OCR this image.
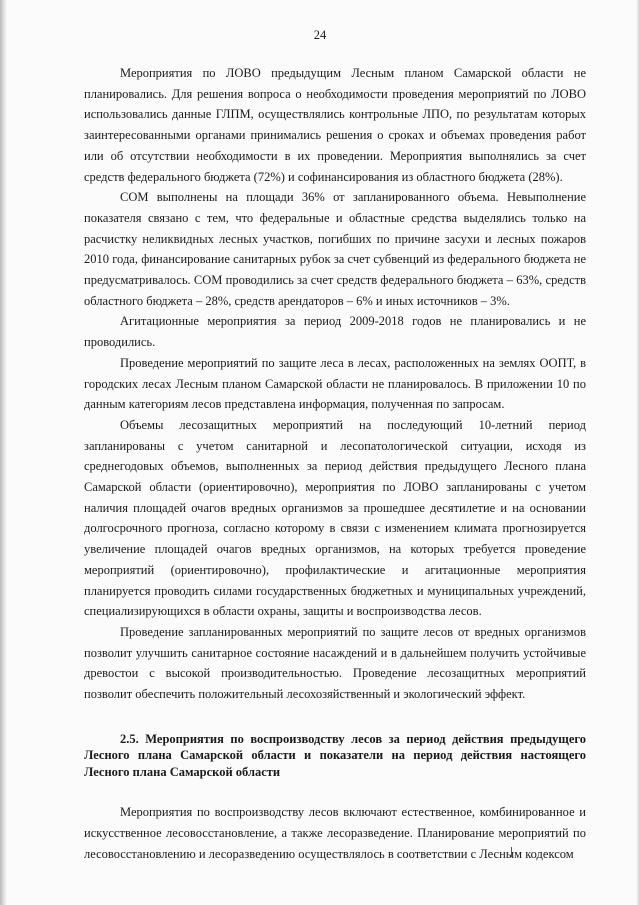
24

Мероприятия по ЛОВО предыдущим Лесным планом Самарской области не планировались. Для решения вопроса о необходимости проведения мероприятий по ЛОВО использовались данные ГЛПМ, осуществлялись контрольные ЛПО, по результатам которых заинтересованными органами принимались решения о сроках и объемах проведения работ или об отсутствии необходимости в их проведении. Мероприятия выполнялись за счет средств федерального бюджета (72%) и софинансирования из областного бюджета (28%).

СОМ выполнены на площади 36% от запланированного объема. Невыполнение показателя связано с тем, что федеральные и областные средства выделялись только на расчистку неликвидных лесных участков, погибших по причине засухи и лесных пожаров 2010 года, финансирование санитарных рубок за счет субвенций из федерального бюджета не предусматривалось. СОМ проводились за счет средств федерального бюджета – 63%, средств областного бюджета – 28%, средств арендаторов – 6% и иных источников – 3%.

Агитационные мероприятия за период 2009-2018 годов не планировались и не проводились.

Проведение мероприятий по защите леса в лесах, расположенных на землях ООПТ, в городских лесах Лесным планом Самарской области не планировалось. В приложении 10 по данным категориям лесов представлена информация, полученная по запросам.

Объемы лесозащитных мероприятий на последующий 10-летний период запланированы с учетом санитарной и лесопатологической ситуации, исходя из среднегодовых объемов, выполненных за период действия предыдущего Лесного плана Самарской области (ориентировочно), мероприятия по ЛОВО запланированы с учетом наличия площадей очагов вредных организмов за прошедшее десятилетие и на основании долгосрочного прогноза, согласно которому в связи с изменением климата прогнозируется увеличение площадей очагов вредных организмов, на которых требуется проведение мероприятий (ориентировочно), профилактические и агитационные мероприятия планируется проводить силами государственных бюджетных и муниципальных учреждений, специализирующихся в области охраны, защиты и воспроизводства лесов.

Проведение запланированных мероприятий по защите лесов от вредных организмов позволит улучшить санитарное состояние насаждений и в дальнейшем получить устойчивые древостои с высокой производительностью. Проведение лесозащитных мероприятий позволит обеспечить положительный лесохозяйственный и экологический эффект.

2.5. Мероприятия по воспроизводству лесов за период действия предыдущего Лесного плана Самарской области и показатели на период действия настоящего Лесного плана Самарской области

Мероприятия по воспроизводству лесов включают естественное, комбинированное и искусственное лесовосстановление, а также лесоразведение. Планирование мероприятий по лесовосстановлению и лесоразведению осуществлялось в соответствии с Лесным кодексом
